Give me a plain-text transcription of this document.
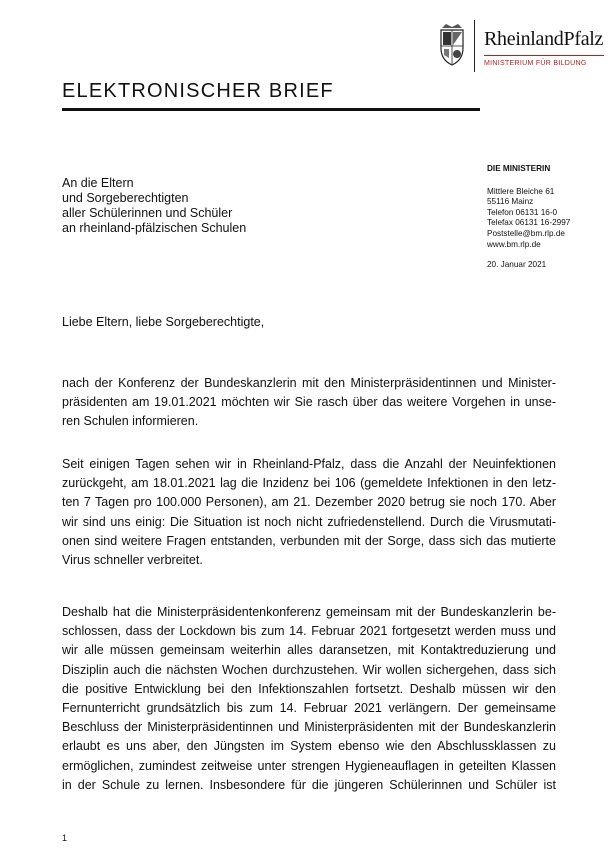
RheinlandPfalz
MINISTERIUM FÜR BILDUNG
ELEKTRONISCHER BRIEF
An die Eltern
und Sorgeberechtigten
aller Schülerinnen und Schüler
an rheinland-pfälzischen Schulen
DIE MINISTERIN
Mittlere Bleiche 61
55116 Mainz
Telefon 06131 16-0
Telefax 06131 16-2997
Poststelle@bm.rlp.de
www.bm.rlp.de
20. Januar 2021
Liebe Eltern, liebe Sorgeberechtigte,
nach der Konferenz der Bundeskanzlerin mit den Ministerpräsidentinnen und Minister-
präsidenten am 19.01.2021 möchten wir Sie rasch über das weitere Vorgehen in unse-
ren Schulen informieren.
Seit einigen Tagen sehen wir in Rheinland-Pfalz, dass die Anzahl der Neuinfektionen
zurückgeht, am 18.01.2021 lag die Inzidenz bei 106 (gemeldete Infektionen in den letz-
ten 7 Tagen pro 100.000 Personen), am 21. Dezember 2020 betrug sie noch 170. Aber
wir sind uns einig: Die Situation ist noch nicht zufriedenstellend. Durch die Virusmutati-
onen sind weitere Fragen entstanden, verbunden mit der Sorge, dass sich das mutierte
Virus schneller verbreitet.
Deshalb hat die Ministerpräsidentenkonferenz gemeinsam mit der Bundeskanzlerin be-
schlossen, dass der Lockdown bis zum 14. Februar 2021 fortgesetzt werden muss und
wir alle müssen gemeinsam weiterhin alles daransetzen, mit Kontaktreduzierung und
Disziplin auch die nächsten Wochen durchzustehen. Wir wollen sichergehen, dass sich
die positive Entwicklung bei den Infektionszahlen fortsetzt. Deshalb müssen wir den
Fernunterricht grundsätzlich bis zum 14. Februar 2021 verlängern. Der gemeinsame
Beschluss der Ministerpräsidentinnen und Ministerpräsidenten mit der Bundeskanzlerin
erlaubt es uns aber, den Jüngsten im System ebenso wie den Abschlussklassen zu
ermöglichen, zumindest zeitweise unter strengen Hygieneauflagen in geteilten Klassen
in der Schule zu lernen. Insbesondere für die jüngeren Schülerinnen und Schüler ist
1
